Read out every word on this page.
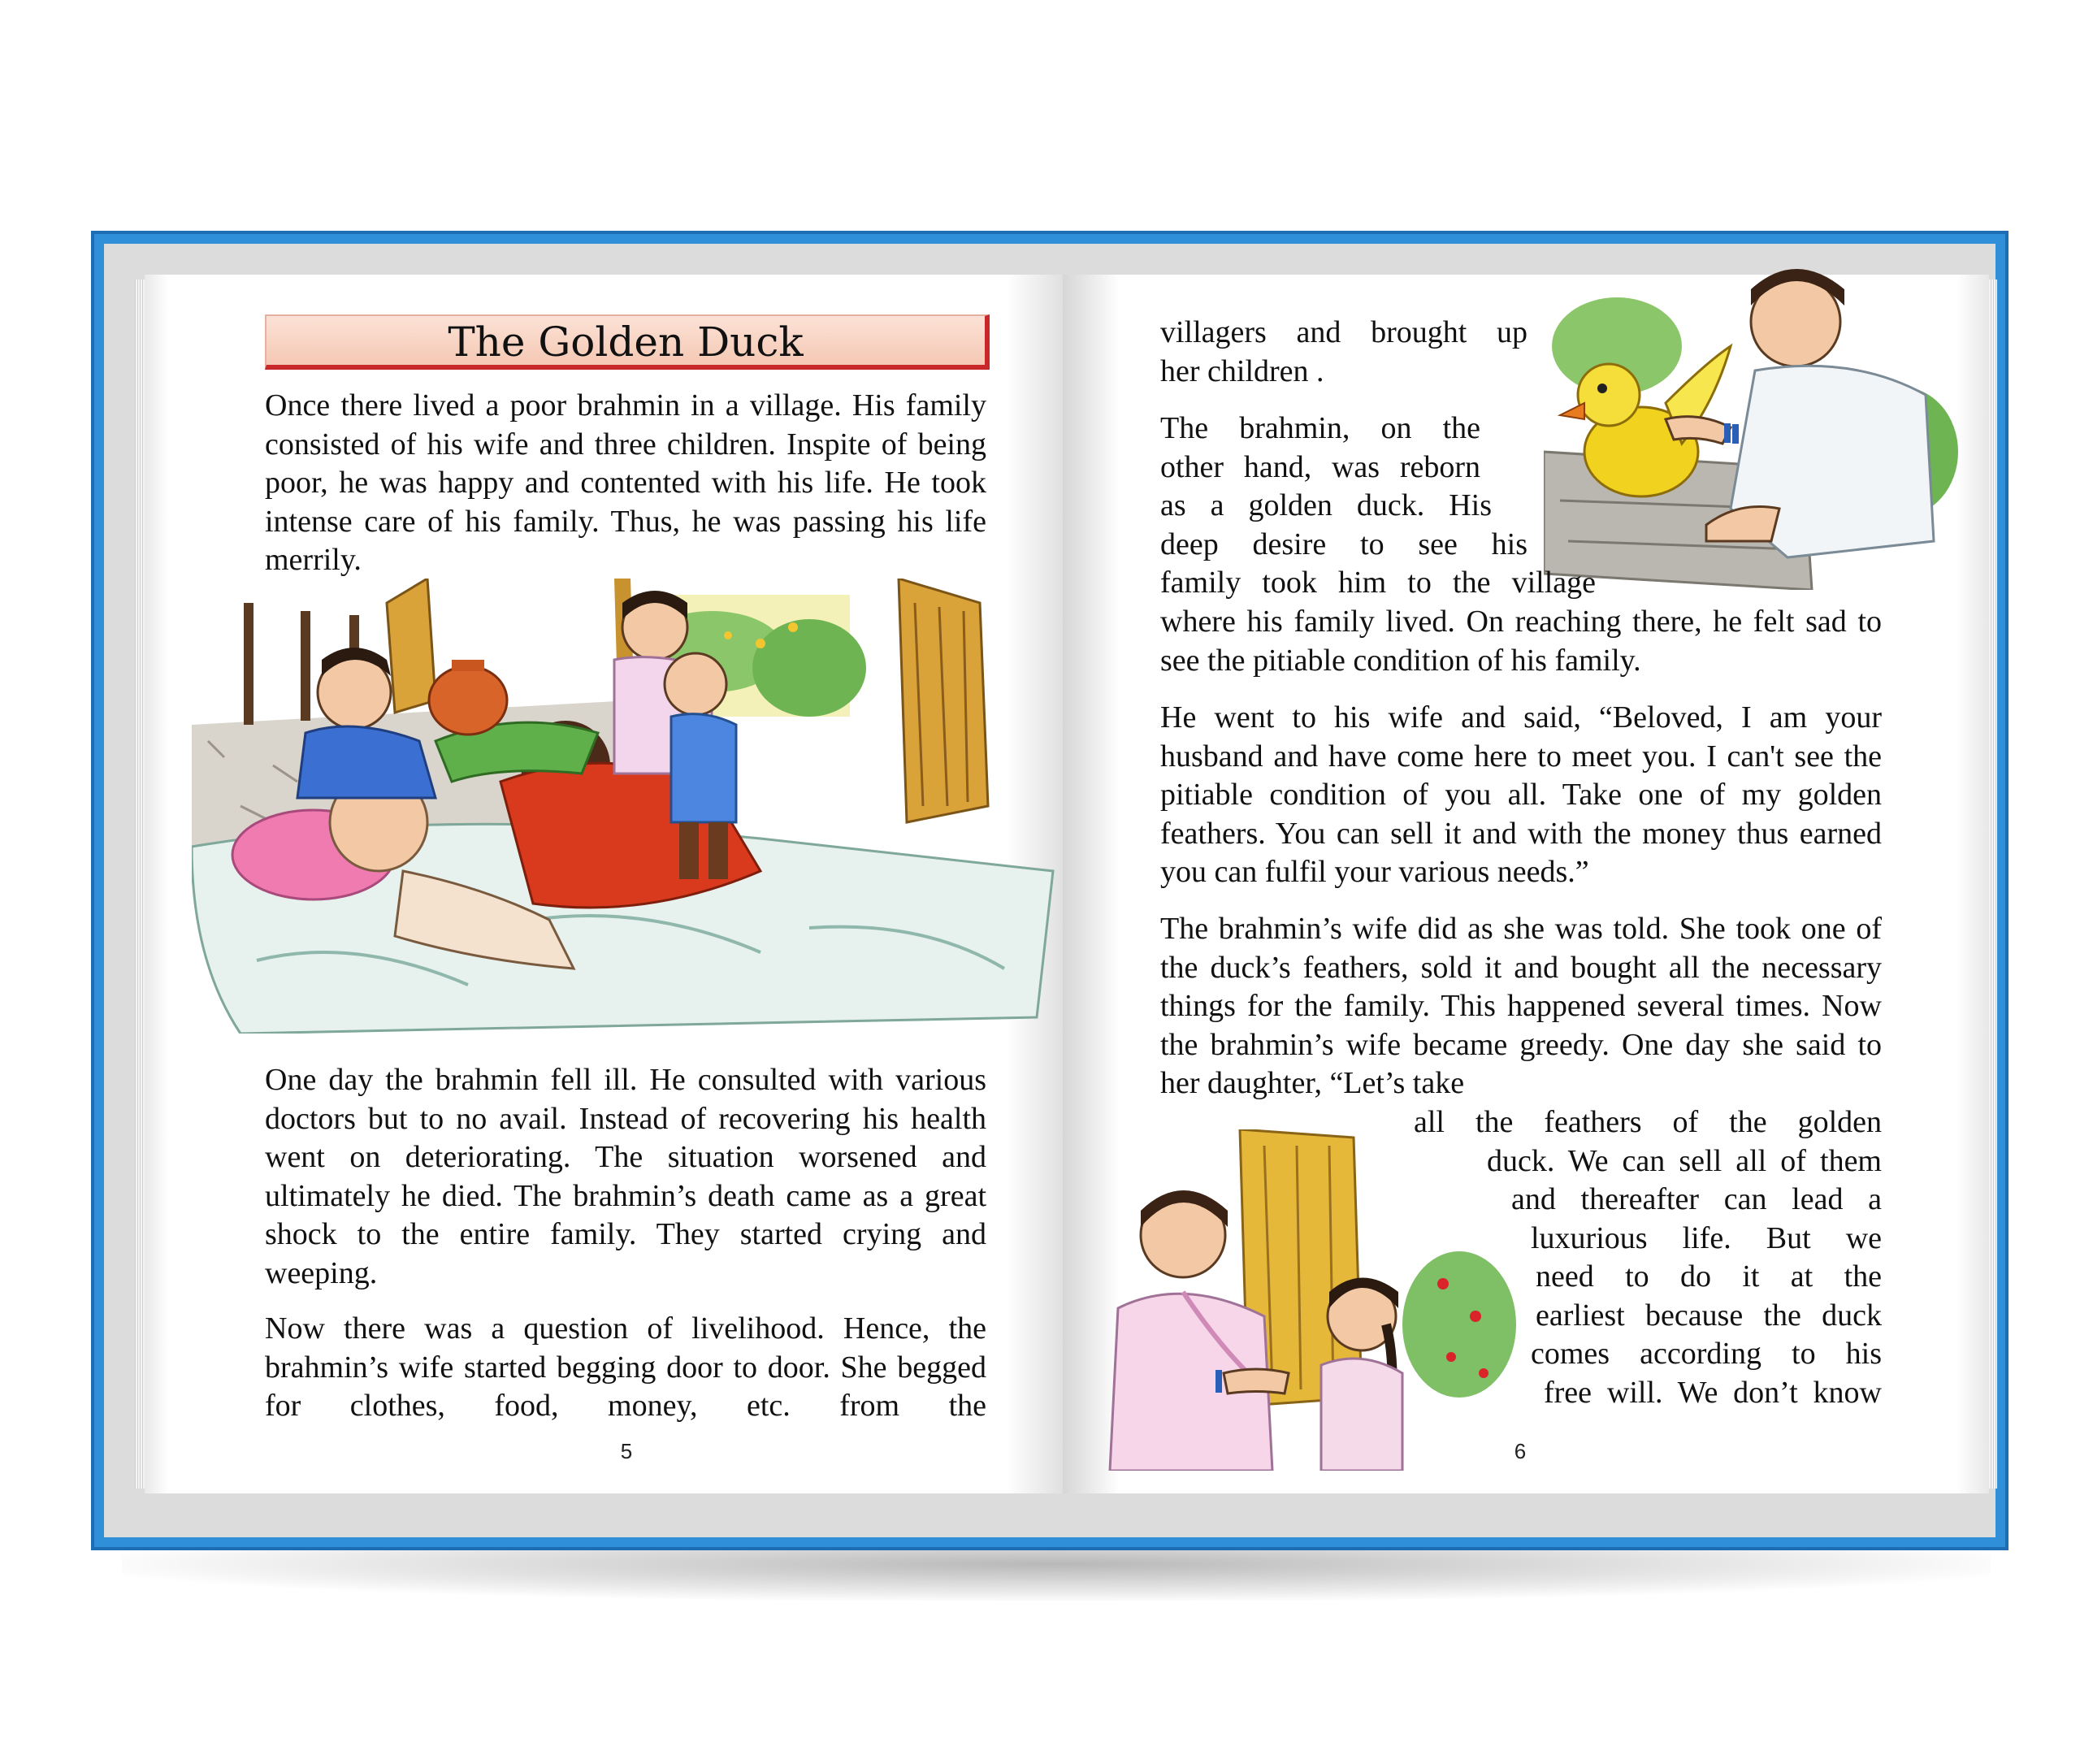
The Golden Duck

Once there lived a poor brahmin in a village. His family consisted of his wife and three children. Inspite of being poor, he was happy and contented with his life. He took intense care of his family. Thus, he was passing his life merrily.

One day the brahmin fell ill. He consulted with various doctors but to no avail. Instead of recovering his health went on deteriorating. The situation worsened and ultimately he died. The brahmin’s death came as a great shock to the entire family. They started crying and weeping.

Now there was a question of livelihood. Hence, the brahmin’s wife started begging door to door. She begged for clothes, food, money, etc. from the

5
villagers and brought up
her children .
The brahmin, on the
other hand, was reborn
as a golden duck. His
deep desire to see his
family took him to the village

where his family lived. On reaching there, he felt sad to see the pitiable condition of his family.

He went to his wife and said, “Beloved, I am your husband and have come here to meet you. I can't see the pitiable condition of you all. Take one of my golden feathers. You can sell it and with the money thus earned you can fulfil your various needs.”

The brahmin’s wife did as she was told. She took one of the duck’s feathers, sold it and bought all the necessary things for the family. This happened several times. Now the brahmin’s wife became greedy. One day she said to her daughter, “Let’s take

all the feathers of the golden
duck. We can sell all of them
and thereafter can lead a
luxurious life. But we
need to do it at the
earliest because the duck
comes according to his
free will. We don’t know
6
